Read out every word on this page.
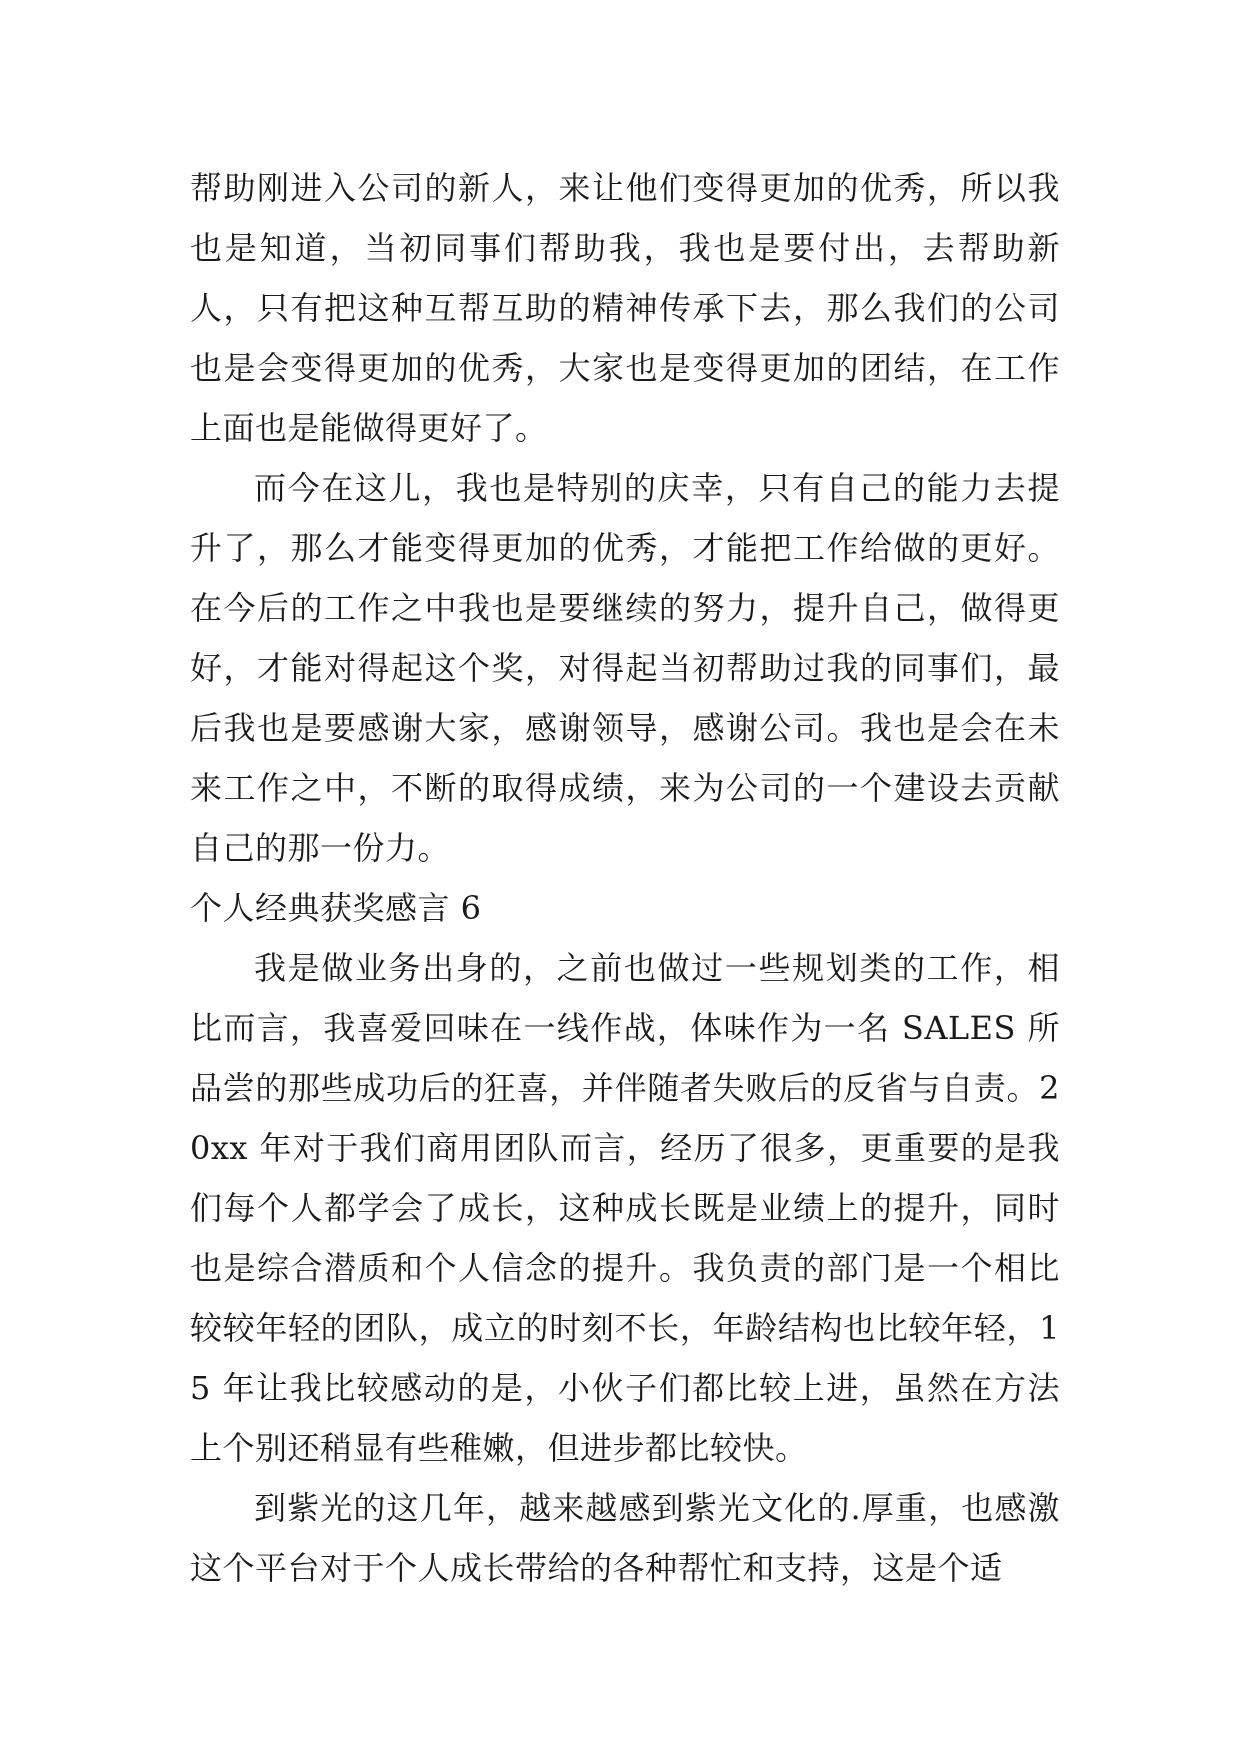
帮助刚进入公司的新人，来让他们变得更加的优秀，所以我也是知道，当初同事们帮助我，我也是要付出，去帮助新人，只有把这种互帮互助的精神传承下去，那么我们的公司也是会变得更加的优秀，大家也是变得更加的团结，在工作上面也是能做得更好了。

而今在这儿，我也是特别的庆幸，只有自己的能力去提升了，那么才能变得更加的优秀，才能把工作给做的更好。在今后的工作之中我也是要继续的努力，提升自己，做得更好，才能对得起这个奖，对得起当初帮助过我的同事们，最后我也是要感谢大家，感谢领导，感谢公司。我也是会在未来工作之中，不断的取得成绩，来为公司的一个建设去贡献自己的那一份力。

个人经典获奖感言 6

我是做业务出身的，之前也做过一些规划类的工作，相比而言，我喜爱回味在一线作战，体味作为一名 SALES 所品尝的那些成功后的狂喜，并伴随者失败后的反省与自责。20xx 年对于我们商用团队而言，经历了很多，更重要的是我们每个人都学会了成长，这种成长既是业绩上的提升，同时也是综合潜质和个人信念的提升。我负责的部门是一个相比较较年轻的团队，成立的时刻不长，年龄结构也比较年轻，15 年让我比较感动的是，小伙子们都比较上进，虽然在方法上个别还稍显有些稚嫩，但进步都比较快。

到紫光的这几年，越来越感到紫光文化的.厚重，也感激这个平台对于个人成长带给的各种帮忙和支持，这是个适
